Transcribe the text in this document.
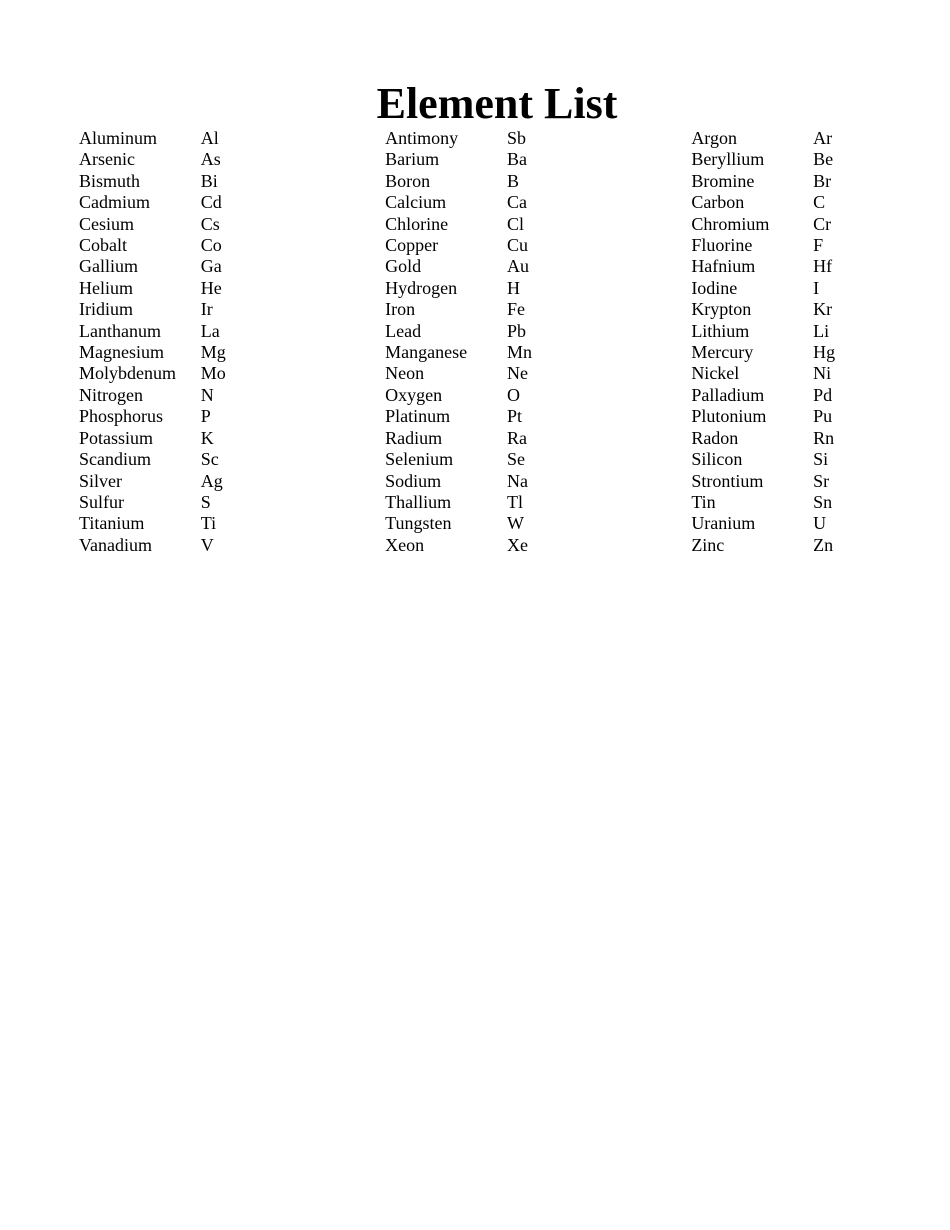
Element List
Aluminum	Al	Antimony	Sb	Argon	Ar
Arsenic	As	Barium	Ba	Beryllium	Be
Bismuth	Bi	Boron	B	Bromine	Br
Cadmium	Cd	Calcium	Ca	Carbon	C
Cesium	Cs	Chlorine	Cl	Chromium	Cr
Cobalt	Co	Copper	Cu	Fluorine	F
Gallium	Ga	Gold	Au	Hafnium	Hf
Helium	He	Hydrogen	H	Iodine	I
Iridium	Ir	Iron	Fe	Krypton	Kr
Lanthanum	La	Lead	Pb	Lithium	Li
Magnesium	Mg	Manganese	Mn	Mercury	Hg
Molybdenum	Mo	Neon	Ne	Nickel	Ni
Nitrogen	N	Oxygen	O	Palladium	Pd
Phosphorus	P	Platinum	Pt	Plutonium	Pu
Potassium	K	Radium	Ra	Radon	Rn
Scandium	Sc	Selenium	Se	Silicon	Si
Silver	Ag	Sodium	Na	Strontium	Sr
Sulfur	S	Thallium	Tl	Tin	Sn
Titanium	Ti	Tungsten	W	Uranium	U
Vanadium	V	Xeon	Xe	Zinc	Zn
